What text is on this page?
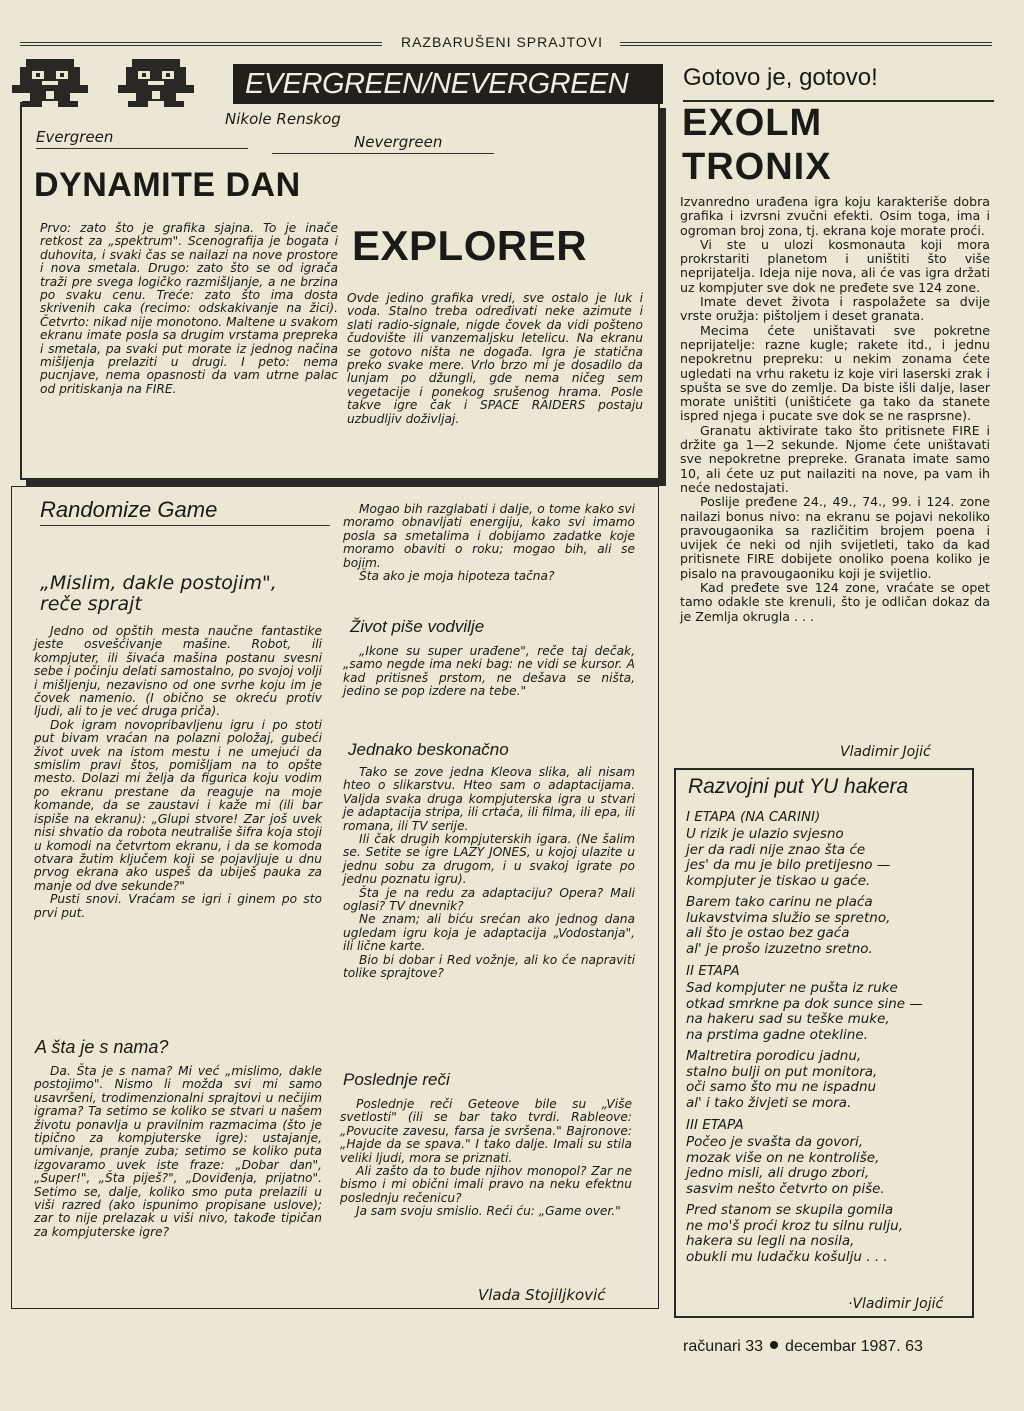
RAZBARUŠENI SPRAJTOVI
EVERGREEN/NEVERGREEN
Nikole Renskog
Evergreen	Nevergreen
DYNAMITE DAN

Prvo: zato što je grafika sjajna. To je inače retkost za „spektrum". Scenografija je bogata i duhovita, i svaki čas se nailazi na nove prostore i nova smetala. Drugo: zato što se od igrača traži pre svega logičko razmišljanje, a ne brzina po svaku cenu. Treće: zato što ima dosta skrivenih caka (recimo: odskakivanje na žici). Četvrto: nikad nije monotono. Maltene u svakom ekranu imate posla sa drugim vrstama prepreka i smetala, pa svaki put morate iz jednog načina mišljenja prelaziti u drugi. I peto: nema pucnjave, nema opasnosti da vam utrne palac od pritiskanja na FIRE.

EXPLORER

Ovde jedino grafika vredi, sve ostalo je luk i voda. Stalno treba određivati neke azimute i slati radio-signale, nigde čovek da vidi pošteno čudovište ili vanzemaljsku letelicu. Na ekranu se gotovo ništa ne događa. Igra je statična preko svake mere. Vrlo brzo mi je dosadilo da lunjam po džungli, gde nema ničeg sem vegetacije i ponekog srušenog hrama. Posle takve igre čak i SPACE RAIDERS postaju uzbudljiv doživljaj.

Gotovo je, gotovo!
EXOLM
TRONIX

Izvanredno urađena igra koju karakteriše dobra grafika i izvrsni zvučni efekti. Osim toga, ima i ogroman broj zona, tj. ekrana koje morate proći.

Vi ste u ulozi kosmonauta koji mora prokrstariti planetom i uništiti što više neprijatelja. Ideja nije nova, ali će vas igra držati uz kompjuter sve dok ne pređete sve 124 zone.

Imate devet života i raspolažete sa dvije vrste oružja: pištoljem i deset granata.

Mecima ćete uništavati sve pokretne neprijatelje: razne kugle; rakete itd., i jednu nepokretnu prepreku: u nekim zonama ćete ugledati na vrhu raketu iz koje viri laserski zrak i spušta se sve do zemlje. Da biste išli dalje, laser morate uništiti (uništićete ga tako da stanete ispred njega i pucate sve dok se ne rasprsne).

Granatu aktivirate tako što pritisnete FIRE i držite ga 1—2 sekunde. Njome ćete uništavati sve nepokretne prepreke. Granata imate samo 10, ali ćete uz put nailaziti na nove, pa vam ih neće nedostajati.

Poslije pređene 24., 49., 74., 99. i 124. zone nailazi bonus nivo: na ekranu se pojavi nekoliko pravougaonika sa različitim brojem poena i uvijek će neki od njih svijetleti, tako da kad pritisnete FIRE dobijete onoliko poena koliko je pisalo na pravougaoniku koji je svijetlio.

Kad pređete sve 124 zone, vraćate se opet tamo odakle ste krenuli, što je odličan dokaz da je Zemlja okrugla . . .

Vladimir Jojić
Razvojni put YU hakera
I ETAPA (NA CARINI)

U rizik je ulazio svjesno
jer da radi nije znao šta će
jes' da mu je bilo pretijesno —
kompjuter je tiskao u gaće.

Barem tako carinu ne plaća
lukavstvima služio se spretno,
ali što je ostao bez gaća
al' je prošo izuzetno sretno.

II ETAPA

Sad kompjuter ne pušta iz ruke
otkad smrkne pa dok sunce sine —
na hakeru sad su teške muke,
na prstima gadne otekline.

Maltretira porodicu jadnu,
stalno bulji on put monitora,
oči samo što mu ne ispadnu
al' i tako živjeti se mora.

III ETAPA

Počeo je svašta da govori,
mozak više on ne kontroliše,
jedno misli, ali drugo zbori,
sasvim nešto četvrto on piše.

Pred stanom se skupila gomila
ne mo'š proći kroz tu silnu rulju,
hakera su legli na nosila,
obukli mu ludačku košulju . . .

·Vladimir Jojić
Randomize Game
„Mislim, dakle postojim",
reče sprajt

Jedno od opštih mesta naučne fantastike jeste osvešćivanje mašine. Robot, ili kompjuter, ili šivaća mašina postanu svesni sebe i počinju delati samostalno, po svojoj volji i mišljenju, nezavisno od one svrhe koju im je čovek namenio. (I obično se okreću protiv ljudi, ali to je već druga priča).

Dok igram novopribavljenu igru i po stoti put bivam vraćan na polazni položaj, gubeći život uvek na istom mestu i ne umejući da smislim pravi štos, pomišljam na to opšte mesto. Dolazi mi želja da figurica koju vodim po ekranu prestane da reaguje na moje komande, da se zaustavi i kaže mi (ili bar ispiše na ekranu): „Glupi stvore! Zar još uvek nisi shvatio da robota neutrališe šifra koja stoji u komodi na četvrtom ekranu, i da se komoda otvara žutim ključem koji se pojavljuje u dnu prvog ekrana ako uspeš da ubiješ pauka za manje od dve sekunde?"

Pusti snovi. Vraćam se igri i ginem po sto prvi put.

A šta je s nama?

Da. Šta je s nama? Mi već „mislimo, dakle postojimo". Nismo li možda svi mi samo usavršeni, trodimenzionalni sprajtovi u nečijim igrama? Ta setimo se koliko se stvari u našem životu ponavlja u pravilnim razmacima (što je tipično za kompjuterske igre): ustajanje, umivanje, pranje zuba; setimo se koliko puta izgovaramo uvek iste fraze: „Dobar dan", „Super!", „Šta piješ?", „Doviđenja, prijatno". Setimo se, dalje, koliko smo puta prelazili u viši razred (ako ispunimo propisane uslove); zar to nije prelazak u viši nivo, takođe tipičan za kompjuterske igre?

Mogao bih razglabati i dalje, o tome kako svi moramo obnavljati energiju, kako svi imamo posla sa smetalima i dobijamo zadatke koje moramo obaviti o roku; mogao bih, ali se bojim.

Šta ako je moja hipoteza tačna?

Život piše vodvilje

„Ikone su super urađene", reče taj dečak, „samo negde ima neki bag: ne vidi se kursor. A kad pritisneš prstom, ne dešava se ništa, jedino se pop izdere na tebe."

Jednako beskonačno

Tako se zove jedna Kleova slika, ali nisam hteo o slikarstvu. Hteo sam o adaptacijama. Valjda svaka druga kompjuterska igra u stvari je adaptacija stripa, ili crtaća, ili filma, ili epa, ili romana, ili TV serije.

Ili čak drugih kompjuterskih igara. (Ne šalim se. Setite se igre LAZY JONES, u kojoj ulazite u jednu sobu za drugom, i u svakoj igrate po jednu poznatu igru).

Šta je na redu za adaptaciju? Opera? Mali oglasi? TV dnevnik?

Ne znam; ali biću srećan ako jednog dana ugledam igru koja je adaptacija „Vodostanja", ili lične karte.

Bio bi dobar i Red vožnje, ali ko će napraviti tolike sprajtove?

Poslednje reči

Poslednje reči Geteove bile su „Više svetlosti" (ili se bar tako tvrdi. Rableove: „Povucite zavesu, farsa je svršena." Bajronove: „Hajde da se spava." I tako dalje. Imali su stila veliki ljudi, mora se priznati.

Ali zašto da to bude njihov monopol? Zar ne bismo i mi obični imali pravo na neku efektnu poslednju rečenicu?

Ja sam svoju smislio. Reći ću: „Game over."

Vlada Stojiljković
računari 33 decembar 1987. 63
